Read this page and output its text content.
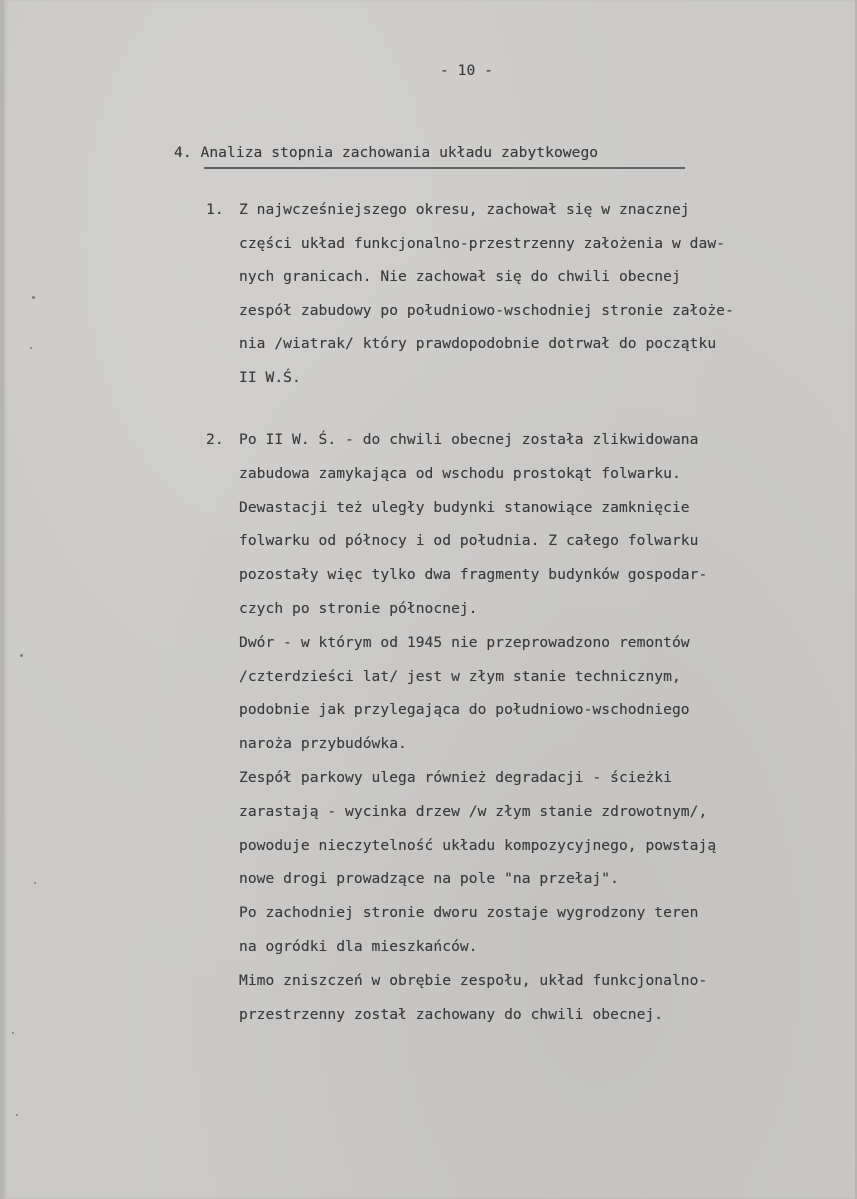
- 10 -
4. Analiza stopnia zachowania układu zabytkowego
1. Z najwcześniejszego okresu, zachował się w znacznej
części układ funkcjonalno-przestrzenny założenia w daw-
nych granicach. Nie zachował się do chwili obecnej
zespół zabudowy po południowo-wschodniej stronie założe-
nia /wiatrak/ który prawdopodobnie dotrwał do początku
II W.Ś.
2. Po II W. Ś. - do chwili obecnej została zlikwidowana
zabudowa zamykająca od wschodu prostokąt folwarku.
Dewastacji też uległy budynki stanowiące zamknięcie
folwarku od północy i od południa. Z całego folwarku
pozostały więc tylko dwa fragmenty budynków gospodar-
czych po stronie północnej.
Dwór - w którym od 1945 nie przeprowadzono remontów
/czterdzieści lat/ jest w złym stanie technicznym,
podobnie jak przylegająca do południowo-wschodniego
naroża przybudówka.
Zespół parkowy ulega również degradacji - ścieżki
zarastają - wycinka drzew /w złym stanie zdrowotnym/,
powoduje nieczytelność układu kompozycyjnego, powstają
nowe drogi prowadzące na pole "na przełaj".
Po zachodniej stronie dworu zostaje wygrodzony teren
na ogródki dla mieszkańców.
Mimo zniszczeń w obrębie zespołu, układ funkcjonalno-
przestrzenny został zachowany do chwili obecnej.
